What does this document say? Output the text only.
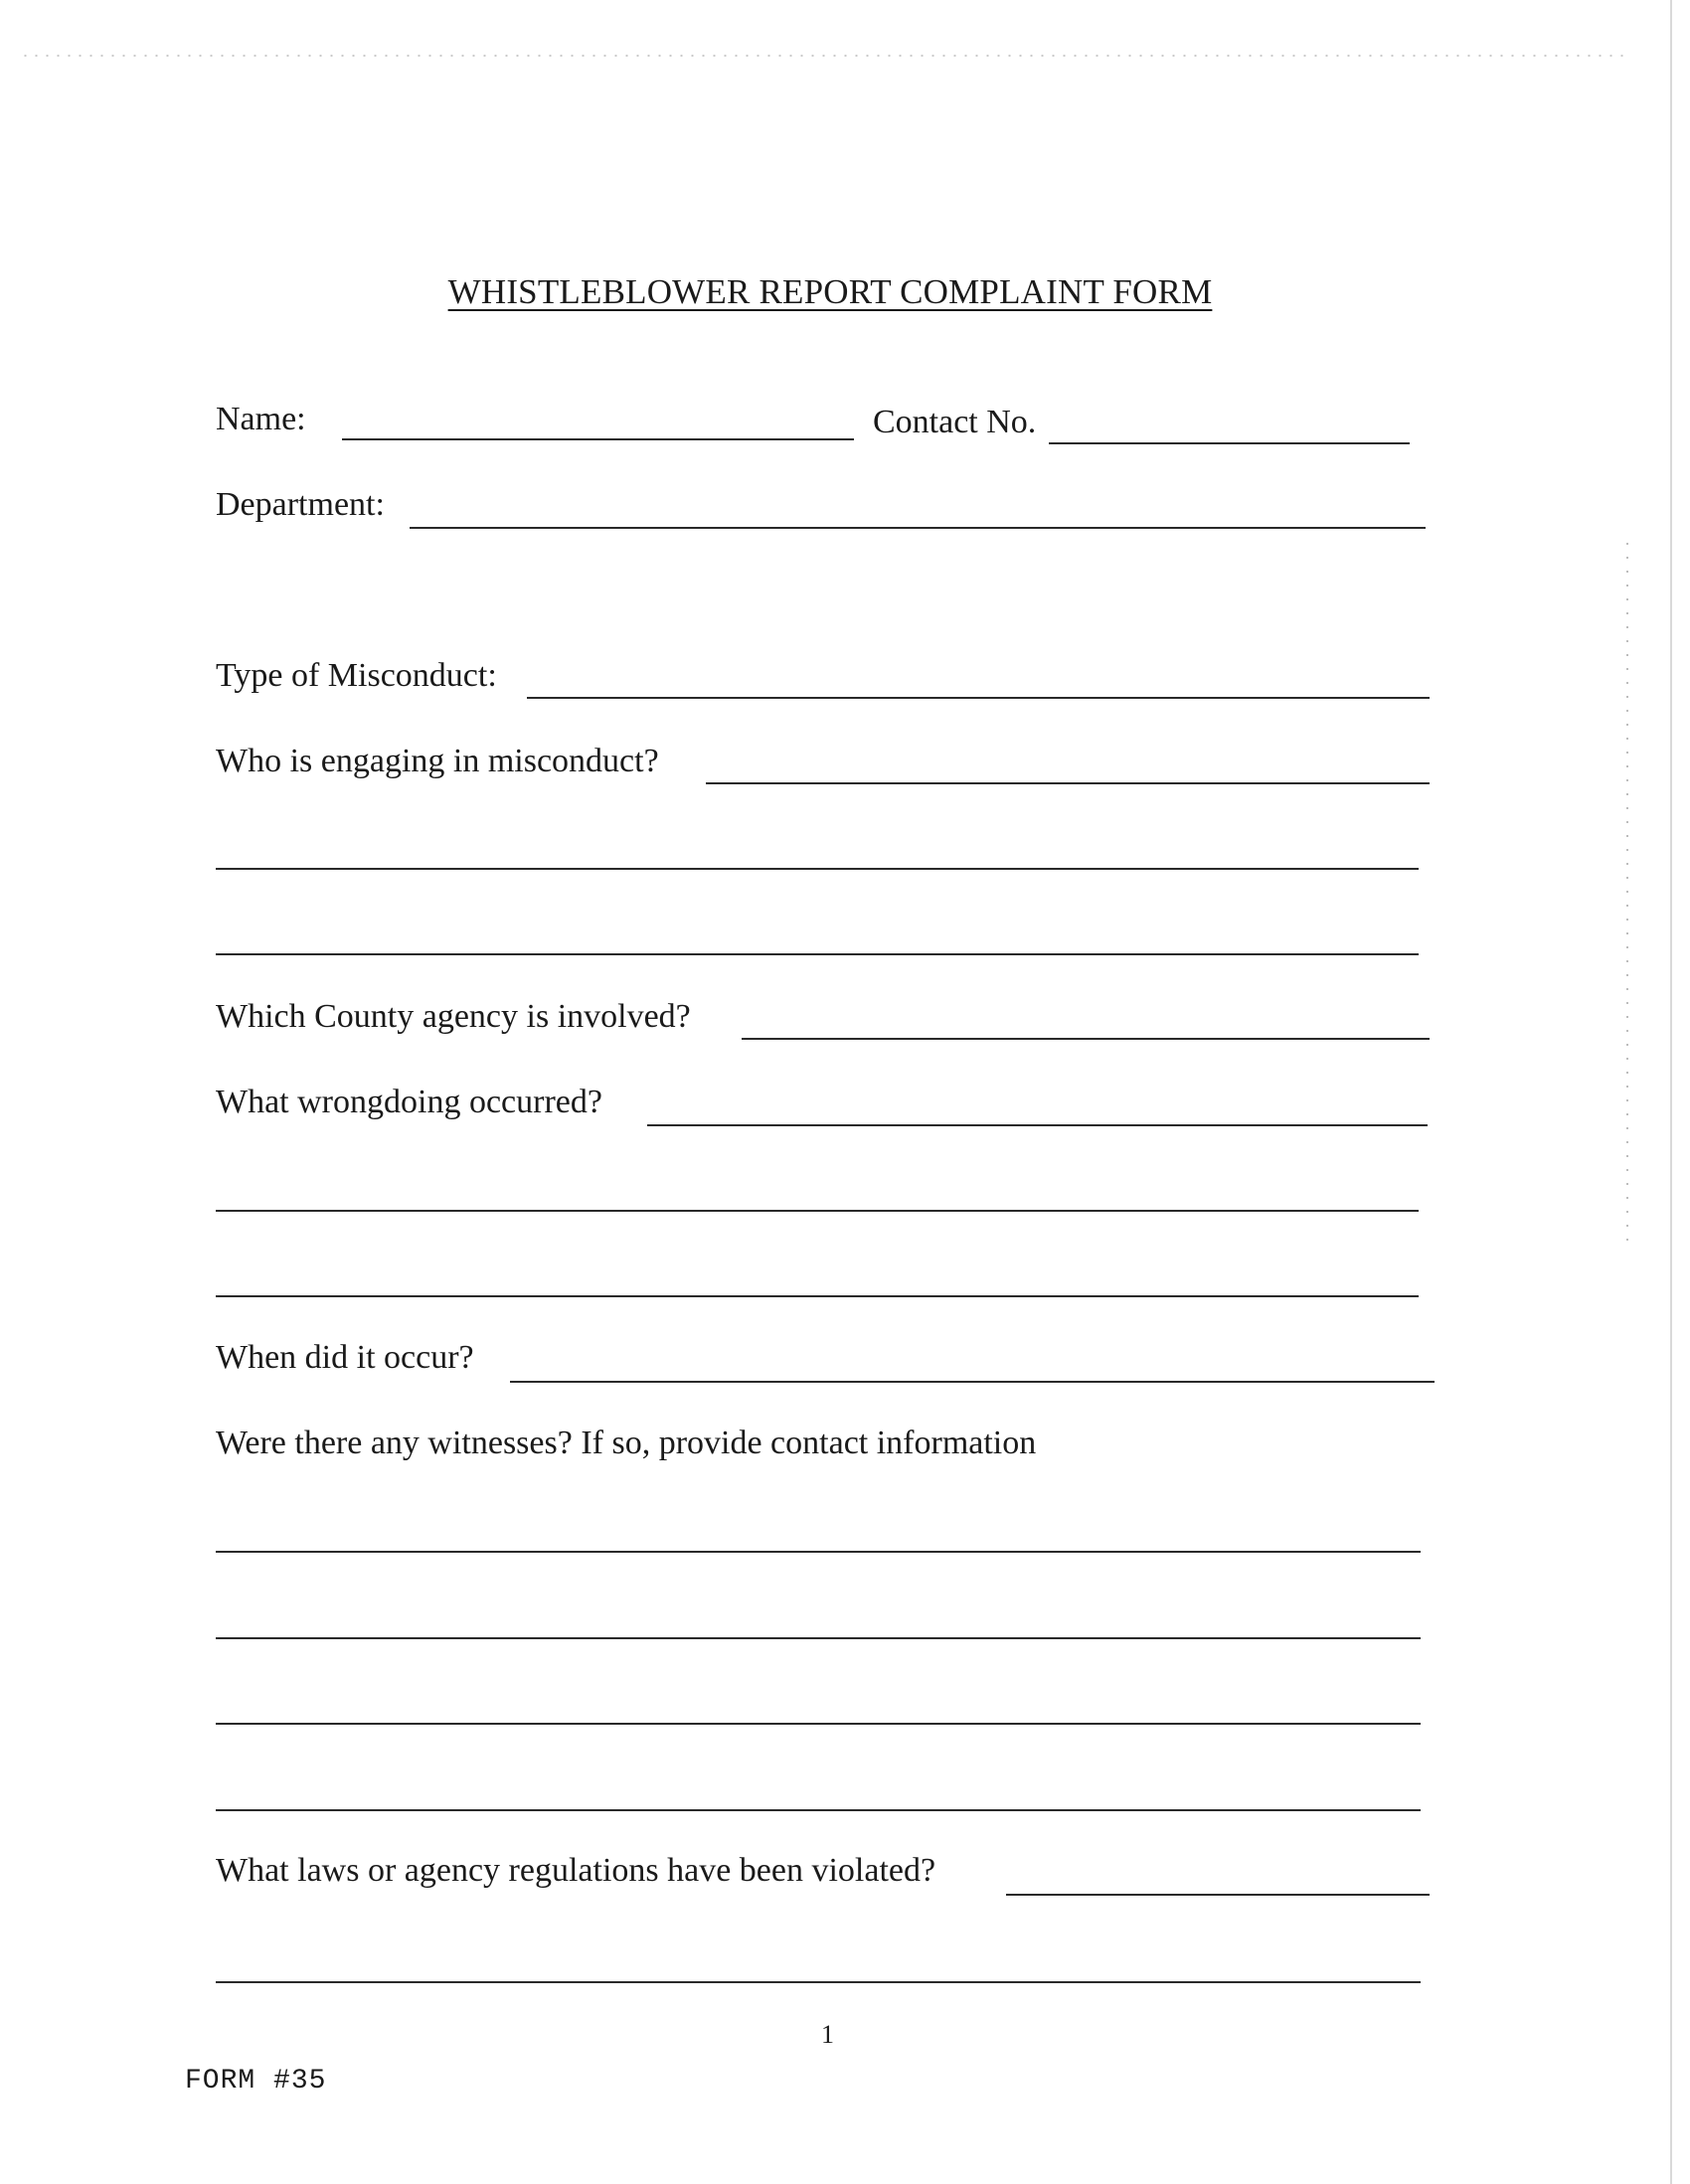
WHISTLEBLOWER REPORT COMPLAINT FORM
Name:	Contact No.
Department:
Type of Misconduct:
Who is engaging in misconduct?
Which County agency is involved?
What wrongdoing occurred?
When did it occur?
Were there any witnesses? If so, provide contact information
What laws or agency regulations have been violated?
1
FORM #35
